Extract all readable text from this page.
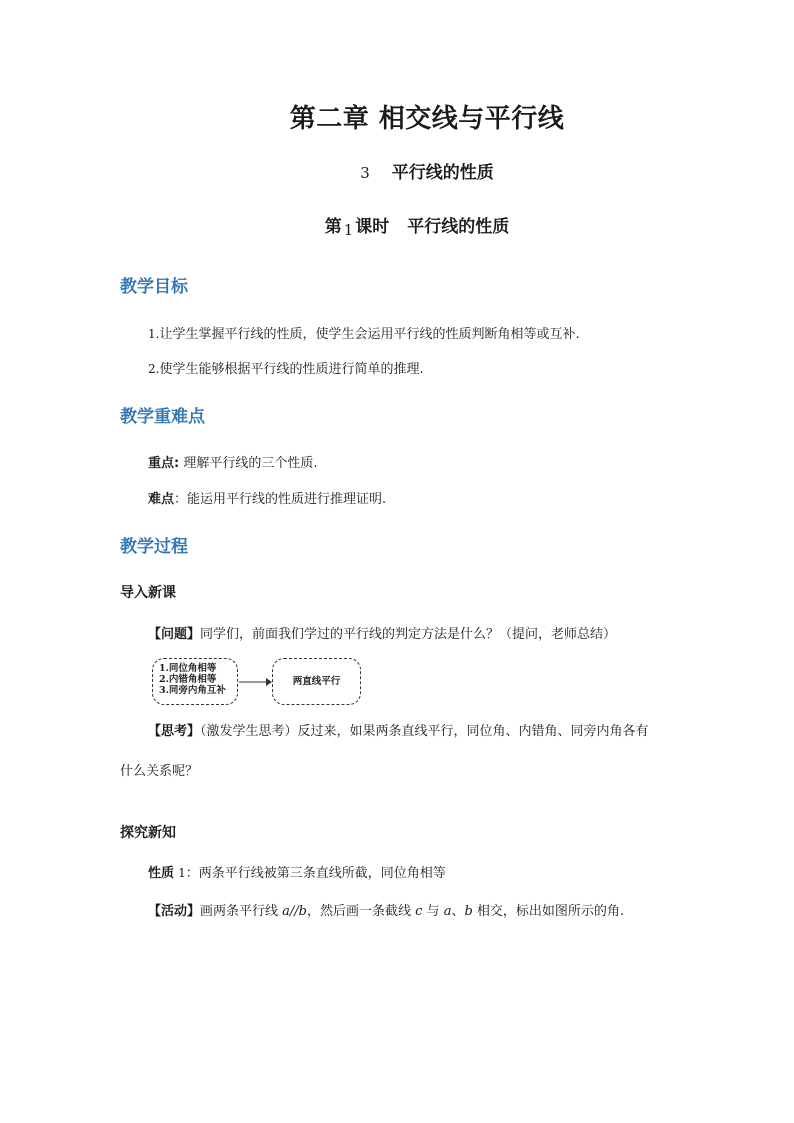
第二章 相交线与平行线
3 平行线的性质
第 1 课时 平行线的性质
教学目标
1.让学生掌握平行线的性质，使学生会运用平行线的性质判断角相等或互补.
2.使学生能够根据平行线的性质进行简单的推理.
教学重难点
重点: 理解平行线的三个性质.
难点：能运用平行线的性质进行推理证明.
教学过程
导入新课
【问题】同学们，前面我们学过的平行线的判定方法是什么？（提问，老师总结）
1.同位角相等
2.内错角相等
3.同旁内角互补
两直线平行
【思考】（激发学生思考）反过来，如果两条直线平行，同位角、内错角、同旁内角各有
什么关系呢？
探究新知
性质 1：两条平行线被第三条直线所截，同位角相等
【活动】画两条平行线 a//b，然后画一条截线 c 与 a、b 相交，标出如图所示的角.
